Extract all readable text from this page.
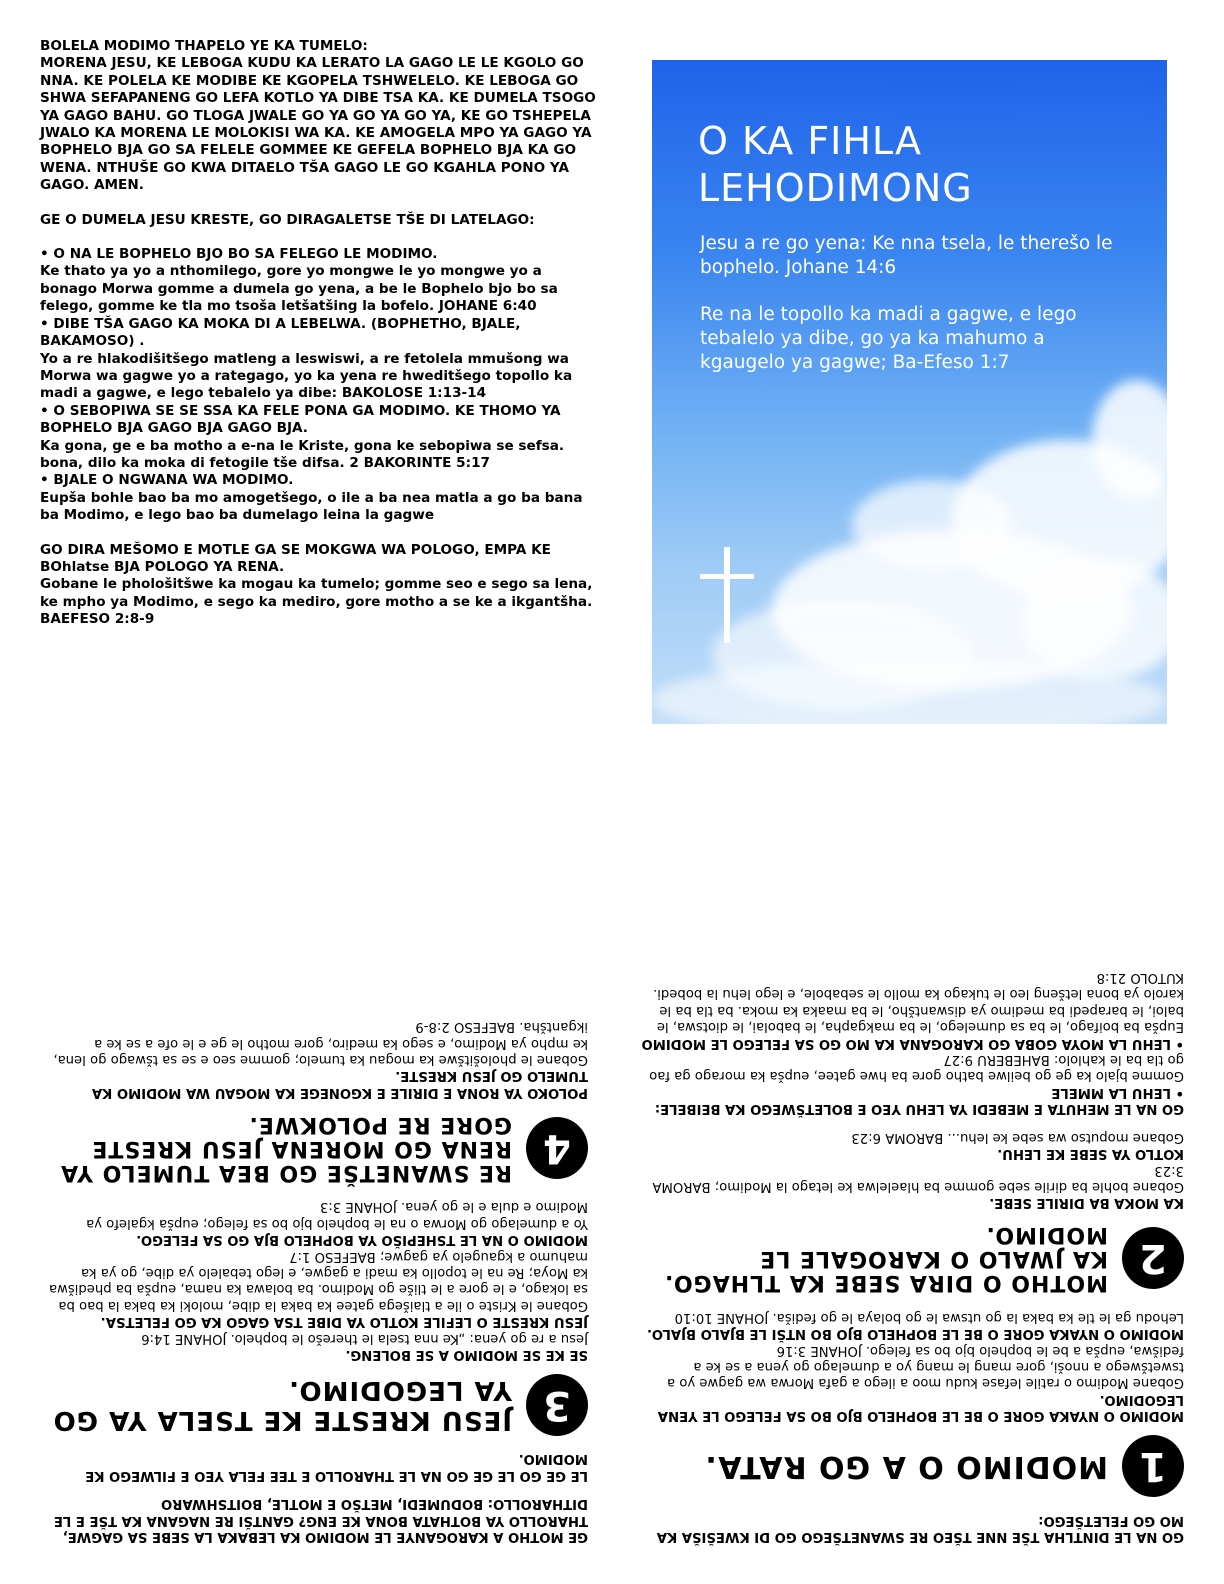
BOLELA MODIMO THAPELO YE KA TUMELO:

MORENA JESU, KE LEBOGA KUDU KA LERATO LA GAGO LE LE KGOLO GO NNA. KE POLELA KE MODIBE KE KGOPELA TSHWELELO. KE LEBOGA GO SHWA SEFAPANENG GO LEFA KOTLO YA DIBE TSA KA. KE DUMELA TSOGO YA GAGO BAHU. GO TLOGA JWALE GO YA GO YA GO YA, KE GO TSHEPELA JWALO KA MORENA LE MOLOKISI WA KA. KE AMOGELA MPO YA GAGO YA BOPHELO BJA GO SA FELELE GOMMEE KE GEFELA BOPHELO BJA KA GO WENA. NTHUŠE GO KWA DITAELO TŠA GAGO LE GO KGAHLA PONO YA GAGO. AMEN.

GE O DUMELA JESU KRESTE, GO DIRAGALETSE TŠE DI LATELAGO:

• O NA LE BOPHELO BJO BO SA FELEGO LE MODIMO.

Ke thato ya yo a nthomilego, gore yo mongwe le yo mongwe yo a bonago Morwa gomme a dumela go yena, a be le Bophelo bjo bo sa felego, gomme ke tla mo tsoša letšatšing la bofelo. JOHANE 6:40

• DIBE TŠA GAGO KA MOKA DI A LEBELWA. (BOPHETHO, BJALE, BAKAMOSO) .

Yo a re hlakodišitšego matleng a leswiswi, a re fetolela mmušong wa Morwa wa gagwe yo a rategago, yo ka yena re hweditšego topollo ka madi a gagwe, e lego tebalelo ya dibe: BAKOLOSE 1:13-14

• O SEBOPIWA SE SE SSA KA FELE PONA GA MODIMO. KE THOMO YA BOPHELO BJA GAGO BJA GAGO BJA.

Ka gona, ge e ba motho a e-na le Kriste, gona ke sebopiwa se sefsa. bona, dilo ka moka di fetogile tše difsa. 2 BAKORINTE 5:17

• BJALE O NGWANA WA MODIMO.

Eupša bohle bao ba mo amogetšego, o ile a ba nea matla a go ba bana ba Modimo, e lego bao ba dumelago leina la gagwe

GO DIRA MEŠOMO E MOTLE GA SE MOKGWA WA POLOGO, EMPA KE BOhlatse BJA POLOGO YA RENA.

Gobane le phološitšwe ka mogau ka tumelo; gomme seo e sego sa lena, ke mpho ya Modimo, e sego ka mediro, gore motho a se ke a ikgantšha. BAEFESO 2:8-9

O KA FIHLA LEHODIMONG

Jesu a re go yena: Ke nna tsela, le therešo le bophelo. Johane 14:6

Re na le topollo ka madi a gagwe, e lego tebalelo ya dibe, go ya ka mahumo a kgaugelo ya gagwe; Ba-Efeso 1:7

GO NA LE DINTLHA TŠE NNE TŠEO RE SWANETŠEGO GO DI KWEŠIŠA KA MO GO FELETŠEGO:

1
MODIMO O A GO RATA.

MODIMO O NYAKA GORE O BE LE BOPHELO BJO BO SA FELEGO LE YENA LEGODIMO.

Gobane Modimo o ratile lefase kudu moo a ilego a gafa Morwa wa gagwe yo a tswetšwego a nnoši, gore mang le mang yo a dumelago go yena a se ke a fedišwa, eupša a be le bophelo bjo bo sa felego. JOHANE 3:16

MODIMO O NYAKA GORE O BE LE BOPHELO BJO BO NTŠI LE BJALO BJALO.

Lehodu ga le tle ka baka la go utswa le go bolaya le go fediša. JOHANE 10:10

2
MOTHO O DIRA SEBE KA TLHAGO. KA JWALO O KAROGALE LE MODIMO.

KA MOKA BA DIRILE SEBE.

Gobane bohle ba dirile sebe gomme ba hlaelelwa ke letago la Modimo; BAROMA 3:23

KOTLO YA SEBE KE LEHU.

Gobane moputso wa sebe ke lehu... BAROMA 6:23

GO NA LE MEHUTA E MEBEDI YA LEHU YEO E BOLETŠWEGO KA BEIBELE:

• LEHU LA MMELE

Gomme bjalo ka ge go beilwe batho gore ba hwe gatee, eupša ka morago ga fao go tla ba le kahlolo: BAHEBERU 9:27

• LEHU LA MOYA GOBA GO KAROGANA KA MO GO SA FELEGO LE MODIMO

Eupša ba boifago, le ba sa dumelego, le ba makgapha, le babolai, le diotswa, le baloi, le barapedi ba medimo ya diswantšho, le ba maaka ka moka. ba tla ba le karolo ya bona letšeng leo le tukago ka mollo le sebabole, e lego lehu la bobedi. KUTOLO 21:8

GE MOTHO A KAROGANYE LE MODIMO KA LEBAKA LA SEBE SA GAGWE, THAROLLO YA BOTHATA BONA KE ENG? GANTŠI RE NAGANA KA TŠE E LE DITHAROLLO: BODUMEDI, METŠO E MOTLE, BOITSHWARO

LE GE GO LE GE GO NA LE THAROLLO E TEE FELA YEO E FILWEGO KE MODIMO.

3
JESU KRESTE KE TSELA YA GO YA LEGODIMO.

SE KE SE MODIMO A SE BOLENG.

Jesu a re go yena: „Ke nna tsela le therešo le bophelo. JOHANE 14:6

JESU KRESTE O LEFILE KOTLO YA DIBE TSA GAGO KA GO FELETSA.

Gobane le Kriste o ile a tlaišega gatee ka baka la dibe, moloki ka baka la bao ba sa lokago, e le gore a le tliše go Modimo. ba bolawa ka nama, eupša ba phedišwa ka Moya; Re na le topollo ka madi a gagwe, e lego tebalelo ya dibe, go ya ka mahumo a kgaugelo ya gagwe; BAEFESO 1:7

MODIMO O NA LE TSHEPIŠO YA BOPHELO BJA GO SA FELEGO.

Yo a dumelago go Morwa o na le bophelo bjo bo sa felego; eupša kgalefo ya Modimo e dula e le go yena. JOHANE 3:3

4
RE SWANETŠE GO BEA TUMELO YA RENA GO MORENA JESU KRESTE GORE RE POLOKWE.

POLOKO YA RONA E DIRILE E KGONEGE KA MOGAU WA MODIMO KA TUMELO GO JESU KRESTE.

Gobane le phološitšwe ka mogau ka tumelo; gomme seo e se sa tšwago go lena, ke mpho ya Modimo, e sego ka mediro, gore motho le ge e le ofe a se ke a ikgantšha. BAEFESO 2:8-9
